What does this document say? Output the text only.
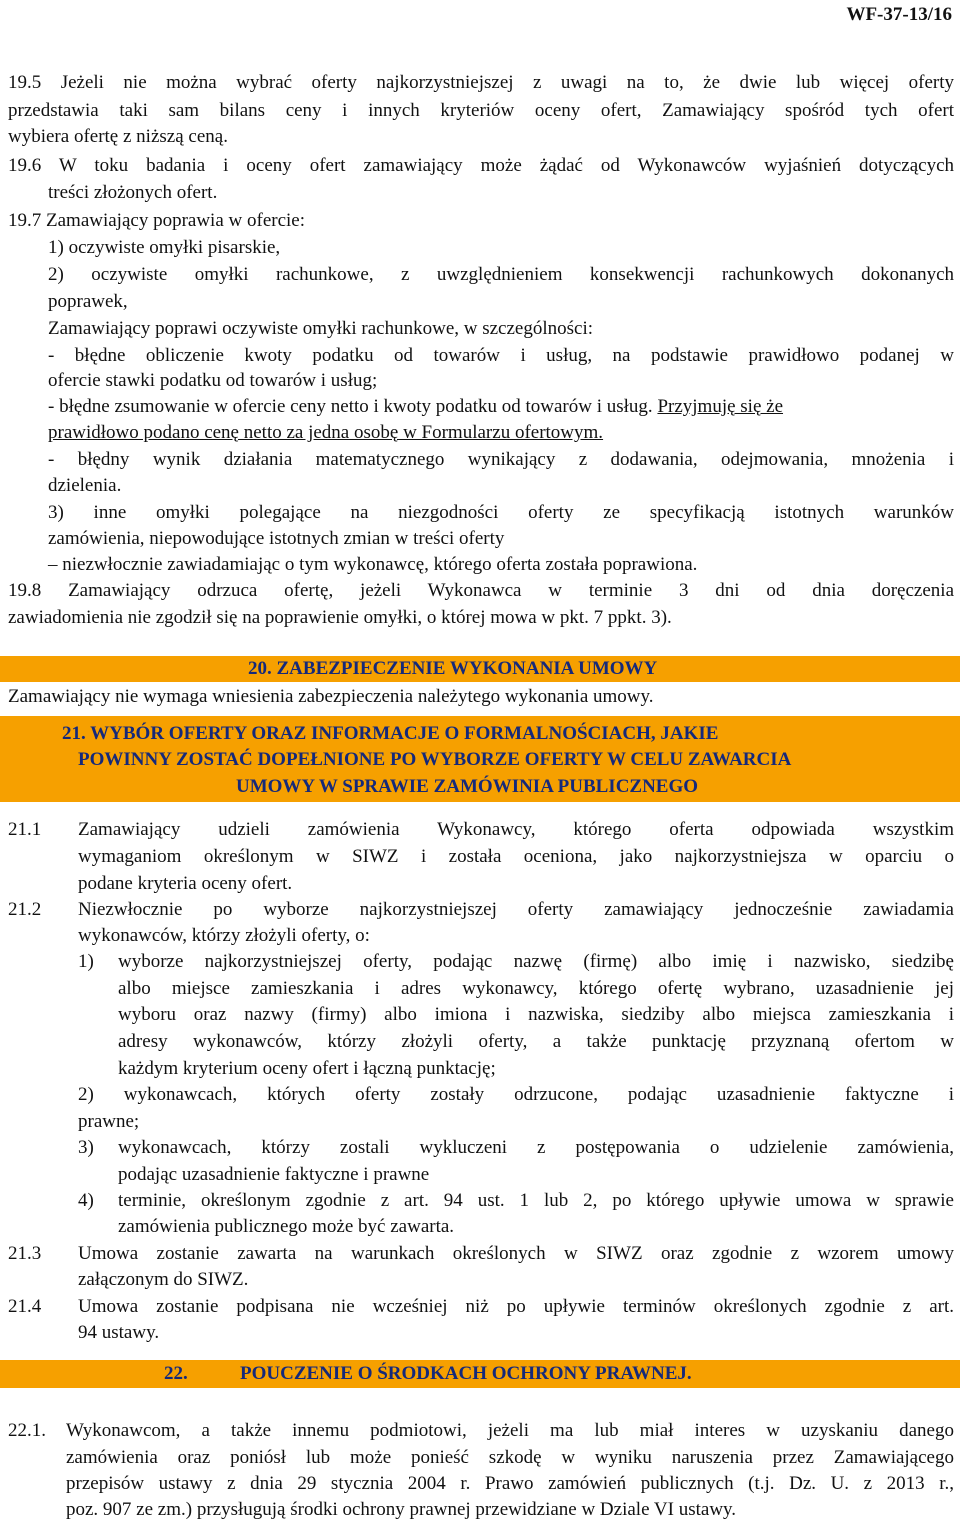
WF-37-13/16
19.5 Jeżeli nie można wybrać oferty najkorzystniejszej z uwagi na to, że dwie lub więcej oferty
przedstawia taki sam bilans ceny i innych kryteriów oceny ofert, Zamawiający spośród tych ofert
wybiera ofertę z niższą ceną.
19.6 W toku badania i oceny ofert zamawiający może żądać od Wykonawców wyjaśnień dotyczących
treści złożonych ofert.
19.7 Zamawiający poprawia w ofercie:
1) oczywiste omyłki pisarskie,
2) oczywiste omyłki rachunkowe, z uwzględnieniem konsekwencji rachunkowych dokonanych
poprawek,
Zamawiający poprawi oczywiste omyłki rachunkowe, w szczególności:
- błędne obliczenie kwoty podatku od towarów i usług, na podstawie prawidłowo podanej w
ofercie stawki podatku od towarów i usług;
- błędne zsumowanie w ofercie ceny netto i kwoty podatku od towarów i usług. Przyjmuję się że
prawidłowo podano cenę netto za jedna osobę w Formularzu ofertowym.
- błędny wynik działania matematycznego wynikający z dodawania, odejmowania, mnożenia i
dzielenia.
3) inne omyłki polegające na niezgodności oferty ze specyfikacją istotnych warunków
zamówienia, niepowodujące istotnych zmian w treści oferty
– niezwłocznie zawiadamiając o tym wykonawcę, którego oferta została poprawiona.
19.8 Zamawiający odrzuca ofertę, jeżeli Wykonawca w terminie 3 dni od dnia doręczenia
zawiadomienia nie zgodził się na poprawienie omyłki, o której mowa w pkt. 7 ppkt. 3).
20. ZABEZPIECZENIE WYKONANIA UMOWY
Zamawiający nie wymaga wniesienia zabezpieczenia należytego wykonania umowy.
21. WYBÓR OFERTY ORAZ INFORMACJE O FORMALNOŚCIACH, JAKIE
POWINNY ZOSTAĆ DOPEŁNIONE PO WYBORZE OFERTY W CELU ZAWARCIA
UMOWY W SPRAWIE ZAMÓWINIA PUBLICZNEGO
21.1 Zamawiający udzieli zamówienia Wykonawcy, którego oferta odpowiada wszystkim
wymaganiom określonym w SIWZ i została oceniona, jako najkorzystniejsza w oparciu o
podane kryteria oceny ofert.
21.2 Niezwłocznie po wyborze najkorzystniejszej oferty zamawiający jednocześnie zawiadamia
wykonawców, którzy złożyli oferty, o:
1) wyborze najkorzystniejszej oferty, podając nazwę (firmę) albo imię i nazwisko, siedzibę
albo miejsce zamieszkania i adres wykonawcy, którego ofertę wybrano, uzasadnienie jej
wyboru oraz nazwy (firmy) albo imiona i nazwiska, siedziby albo miejsca zamieszkania i
adresy wykonawców, którzy złożyli oferty, a także punktację przyznaną ofertom w
każdym kryterium oceny ofert i łączną punktację;
2) wykonawcach, których oferty zostały odrzucone, podając uzasadnienie faktyczne i
prawne;
3) wykonawcach, którzy zostali wykluczeni z postępowania o udzielenie zamówienia,
podając uzasadnienie faktyczne i prawne
4) terminie, określonym zgodnie z art. 94 ust. 1 lub 2, po którego upływie umowa w sprawie
zamówienia publicznego może być zawarta.
21.3 Umowa zostanie zawarta na warunkach określonych w SIWZ oraz zgodnie z wzorem umowy
załączonym do SIWZ.
21.4 Umowa zostanie podpisana nie wcześniej niż po upływie terminów określonych zgodnie z art.
94 ustawy.
22.	POUCZENIE O ŚRODKACH OCHRONY PRAWNEJ.
22.1. Wykonawcom, a także innemu podmiotowi, jeżeli ma lub miał interes w uzyskaniu danego
zamówienia oraz poniósł lub może ponieść szkodę w wyniku naruszenia przez Zamawiającego
przepisów ustawy z dnia 29 stycznia 2004 r. Prawo zamówień publicznych (t.j. Dz. U. z 2013 r.,
poz. 907 ze zm.) przysługują środki ochrony prawnej przewidziane w Dziale VI ustawy.
